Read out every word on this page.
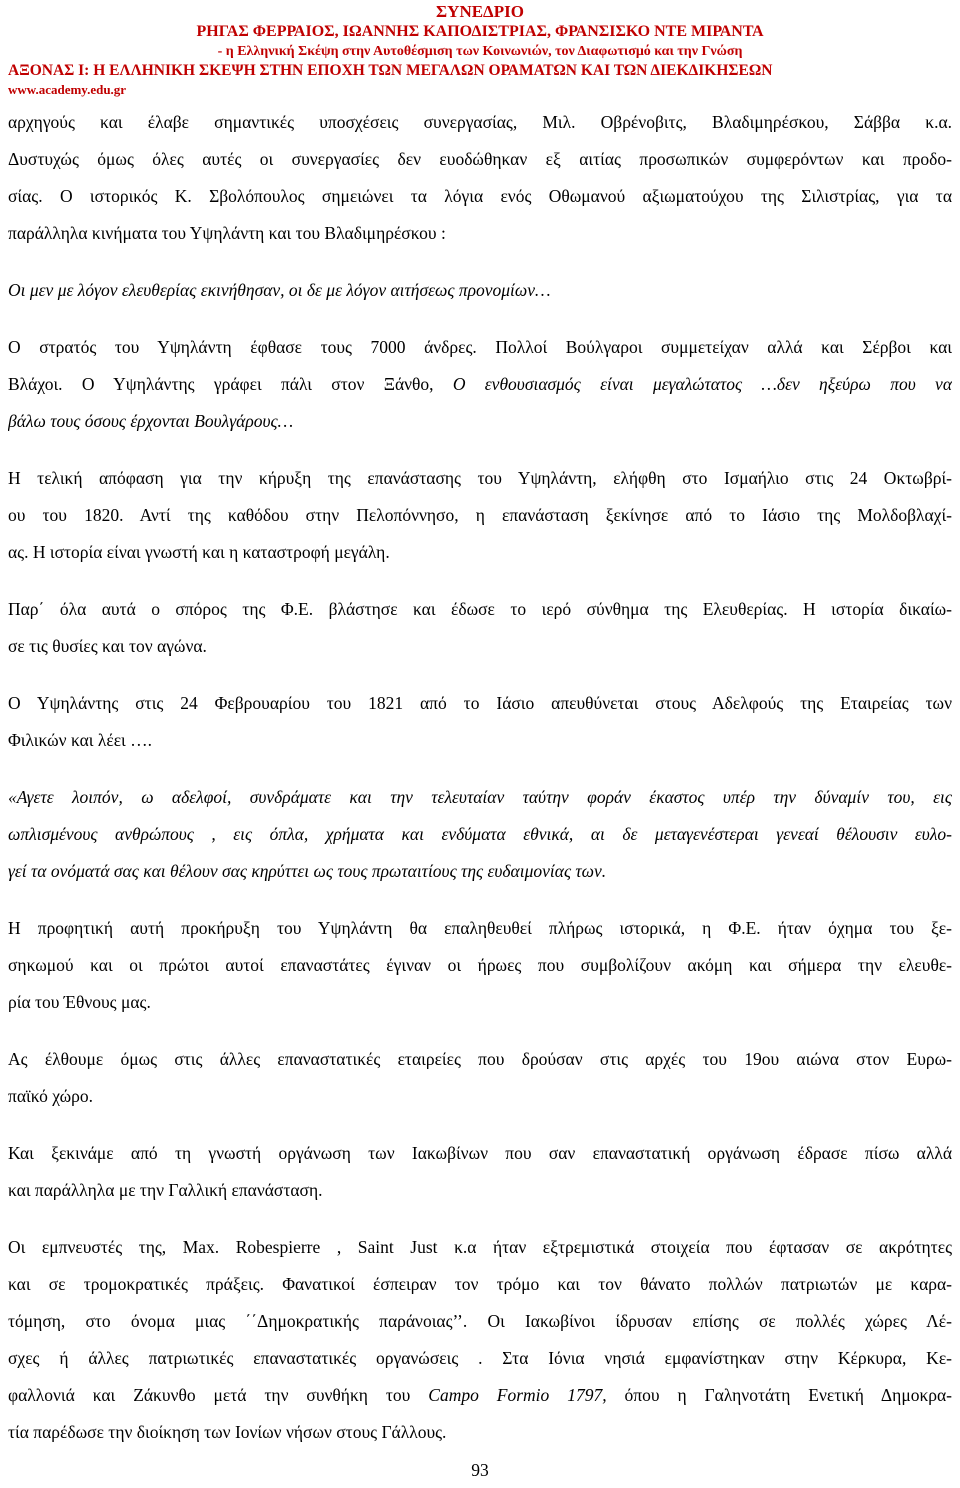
ΣΥΝΕΔΡΙΟ
ΡΗΓΑΣ ΦΕΡΡΑΙΟΣ, ΙΩΑΝΝΗΣ ΚΑΠΟΔΙΣΤΡΙΑΣ, ΦΡΑΝΣΙΣΚΟ ΝΤΕ ΜΙΡΑΝΤΑ
- η Ελληνική Σκέψη στην Αυτοθέσμιση των Κοινωνιών, τον Διαφωτισμό και την Γνώση
ΑΞΟΝΑΣ Ι: Η ΕΛΛΗΝΙΚΗ ΣΚΕΨΗ ΣΤΗΝ ΕΠΟΧΗ ΤΩΝ ΜΕΓΑΛΩΝ ΟΡΑΜΑΤΩΝ ΚΑΙ ΤΩΝ ΔΙΕΚΔΙΚΗΣΕΩΝ
www.academy.edu.gr
αρχηγούς και έλαβε σημαντικές υποσχέσεις συνεργασίας, Μιλ. Οβρένοβιτς, Βλαδιμηρέσκου, Σάββα κ.α.
Δυστυχώς όμως όλες αυτές οι συνεργασίες δεν ευοδώθηκαν εξ αιτίας προσωπικών συμφερόντων και προδο-
σίας. Ο ιστορικός Κ. Σβολόπουλος σημειώνει τα λόγια ενός Οθωμανού αξιωματούχου της Σιλιστρίας, για τα
παράλληλα κινήματα του Υψηλάντη και του Βλαδιμηρέσκου :
Οι μεν με λόγον ελευθερίας εκινήθησαν, οι δε με λόγον αιτήσεως προνομίων…
Ο στρατός του Υψηλάντη έφθασε τους 7000 άνδρες. Πολλοί Βούλγαροι συμμετείχαν αλλά και Σέρβοι και
Βλάχοι. Ο Υψηλάντης γράφει πάλι στον Ξάνθο, Ο ενθουσιασμός είναι μεγαλώτατος …δεν ηξεύρω που να
βάλω τους όσους έρχονται Βουλγάρους…
Η τελική απόφαση για την κήρυξη της επανάστασης του Υψηλάντη, ελήφθη στο Ισμαήλιο στις 24 Οκτωβρί-
ου του 1820. Αντί της καθόδου στην Πελοπόννησο, η επανάσταση ξεκίνησε από το Ιάσιο της Μολδοβλαχί-
ας. Η ιστορία είναι γνωστή και η καταστροφή μεγάλη.
Παρ΄ όλα αυτά ο σπόρος της Φ.Ε. βλάστησε και έδωσε το ιερό σύνθημα της Ελευθερίας. Η ιστορία δικαίω-
σε τις θυσίες και τον αγώνα.
Ο Υψηλάντης στις 24 Φεβρουαρίου του 1821 από το Ιάσιο απευθύνεται στους Αδελφούς της Εταιρείας των
Φιλικών και λέει ….
«Αγετε λοιπόν, ω αδελφοί, συνδράματε και την τελευταίαν ταύτην φοράν έκαστος υπέρ την δύναμίν του, εις
ωπλισμένους ανθρώπους , εις όπλα, χρήματα και ενδύματα εθνικά, αι δε μεταγενέστεραι γενεαί θέλουσιν ευλο-
γεί τα ονόματά σας και θέλουν σας κηρύττει ως τους πρωταιτίους της ευδαιμονίας των.
Η προφητική αυτή προκήρυξη του Υψηλάντη θα επαληθευθεί πλήρως ιστορικά, η Φ.Ε. ήταν όχημα του ξε-
σηκωμού και οι πρώτοι αυτοί επαναστάτες έγιναν οι ήρωες που συμβολίζουν ακόμη και σήμερα την ελευθε-
ρία του Έθνους μας.
Ας έλθουμε όμως στις άλλες επαναστατικές εταιρείες που δρούσαν στις αρχές του 19ου αιώνα στον Ευρω-
παϊκό χώρο.
Και ξεκινάμε από τη γνωστή οργάνωση των Ιακωβίνων που σαν επαναστατική οργάνωση έδρασε πίσω αλλά
και παράλληλα με την Γαλλική επανάσταση.
Οι εμπνευστές της, Max. Robespierre , Saint Just κ.α ήταν εξτρεμιστικά στοιχεία που έφτασαν σε ακρότητες
και σε τρομοκρατικές πράξεις. Φανατικοί έσπειραν τον τρόμο και τον θάνατο πολλών πατριωτών με καρα-
τόμηση, στο όνομα μιας ΄΄Δημοκρατικής παράνοιας’’. Οι Ιακωβίνοι ίδρυσαν επίσης σε πολλές χώρες Λέ-
σχες ή άλλες πατριωτικές επαναστατικές οργανώσεις . Στα Ιόνια νησιά εμφανίστηκαν στην Κέρκυρα, Κε-
φαλλονιά και Ζάκυνθο μετά την συνθήκη του Campo Formio 1797, όπου η Γαληνοτάτη Ενετική Δημοκρα-
τία παρέδωσε την διοίκηση των Ιονίων νήσων στους Γάλλους.
93
